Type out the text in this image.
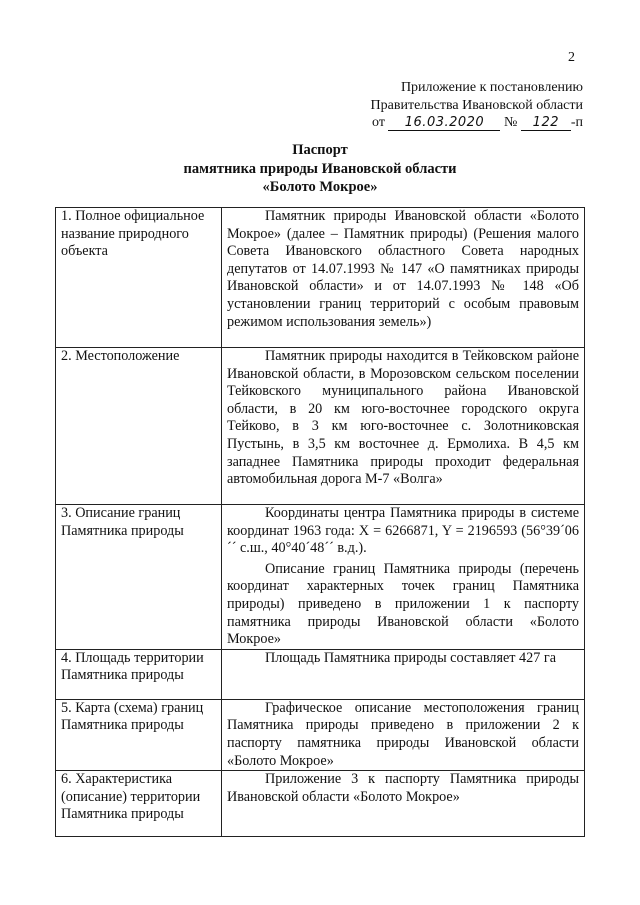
2
Приложение к постановлению
Правительства Ивановской области
от 16.03.2020 № 122 -п
Паспорт
памятника природы Ивановской области
«Болото Мокрое»
1. Полное официальное название природного объекта	Памятник природы Ивановской области «Болото Мокрое» (далее – Памятник природы) (Решения малого Совета Ивановского областного Совета народных депутатов от 14.07.1993 № 147 «О памятниках природы Ивановской области» и от 14.07.1993 № 148 «Об установлении границ территорий с особым правовым режимом использования земель»)

2. Местоположение	Памятник природы находится в Тейковском районе Ивановской области, в Морозовском сельском поселении Тейковского муниципального района Ивановской области, в 20 км юго-восточнее городского округа Тейково, в 3 км юго-восточнее с. Золотниковская Пустынь, в 3,5 км восточнее д. Ермолиха. В 4,5 км западнее Памятника природы проходит федеральная автомобильная дорога М-7 «Волга»

3. Описание границ Памятника природы	Координаты центра Памятника природы в системе координат 1963 года: X = 6266871, Y = 2196593 (56°39´06´´ с.ш., 40°40´48´´ в.д.).

Описание границ Памятника природы (перечень координат характерных точек границ Памятника природы) приведено в приложении 1 к паспорту памятника природы Ивановской области «Болото Мокрое»

4. Площадь территории Памятника природы	Площадь Памятника природы составляет 427 га

5. Карта (схема) границ Памятника природы	Графическое описание местоположения границ Памятника природы приведено в приложении 2 к паспорту памятника природы Ивановской области «Болото Мокрое»

6. Характеристика (описание) территории Памятника природы	Приложение 3 к паспорту Памятника природы Ивановской области «Болото Мокрое»
